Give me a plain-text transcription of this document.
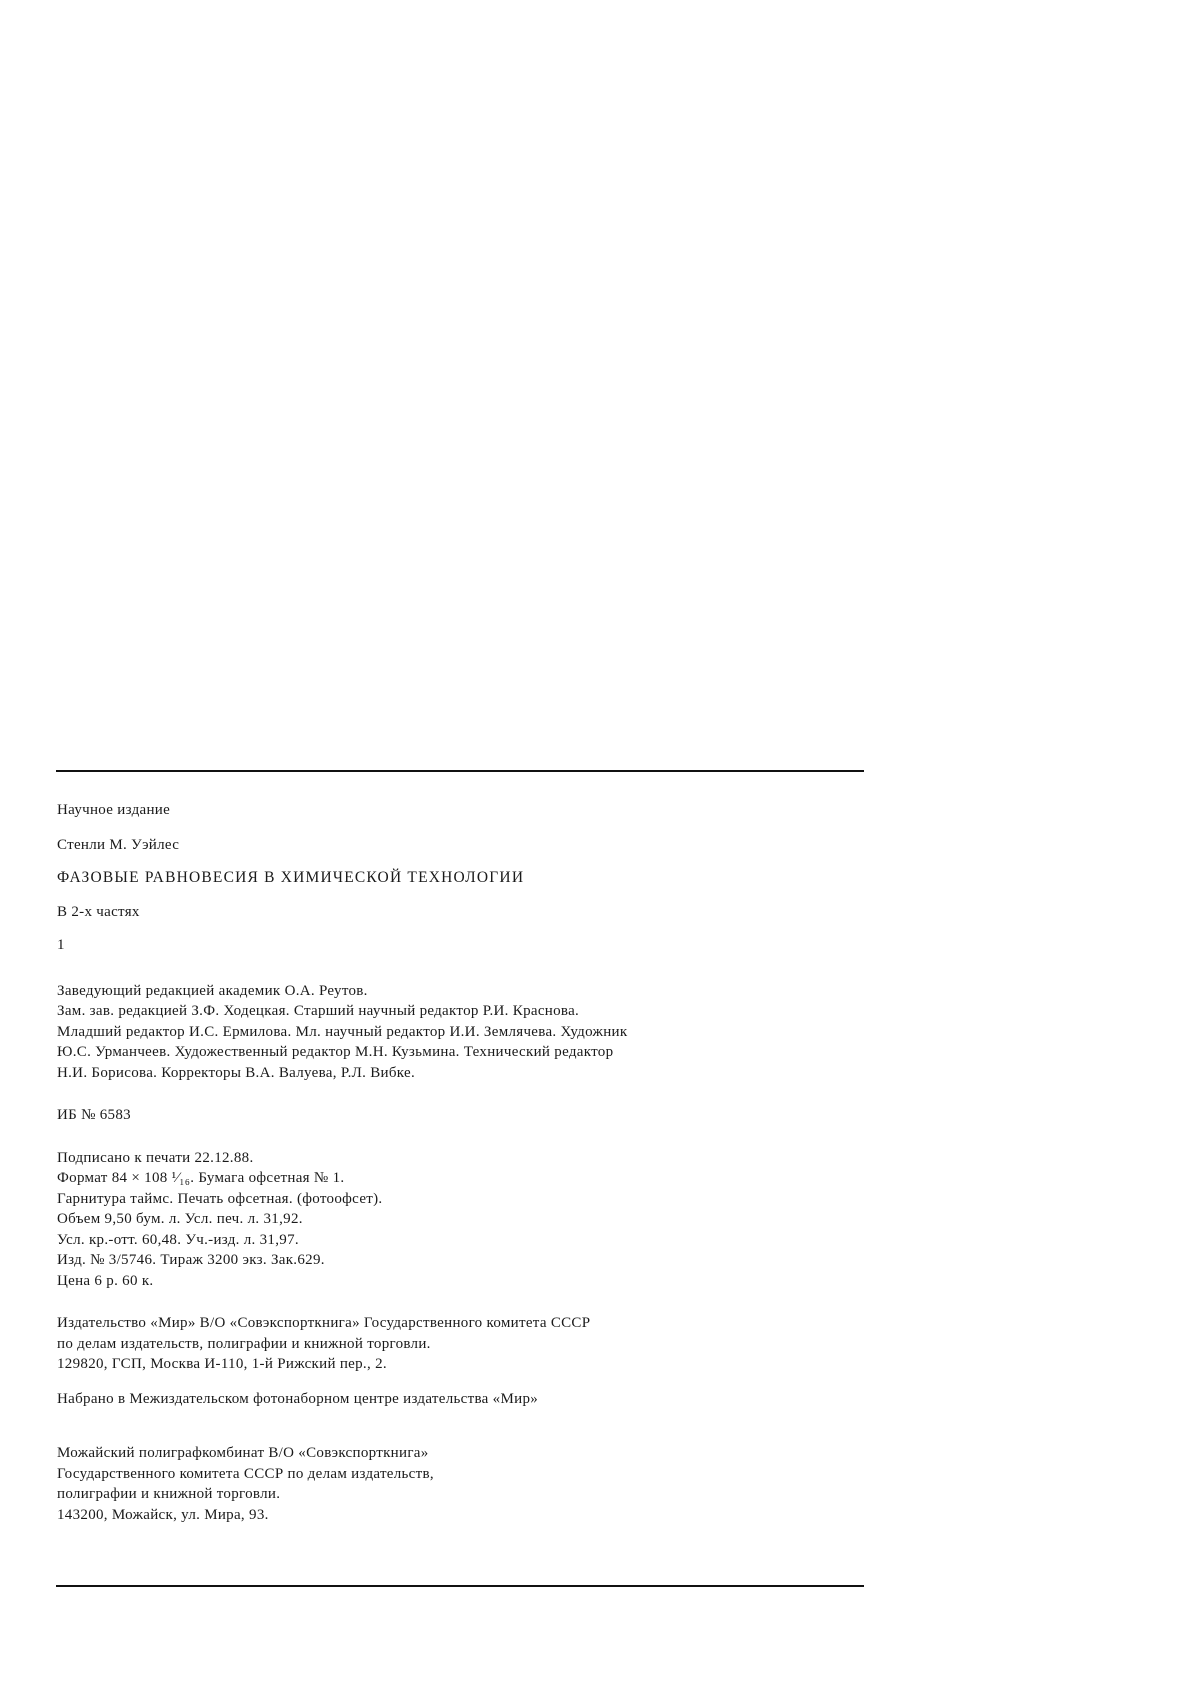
Научное издание

Стенли М. Уэйлес

ФАЗОВЫЕ РАВНОВЕСИЯ В ХИМИЧЕСКОЙ ТЕХНОЛОГИИ

В 2-х частях

1

Заведующий редакцией академик О.А. Реутов.
Зам. зав. редакцией З.Ф. Ходецкая. Старший научный редактор Р.И. Краснова.
Младший редактор И.С. Ермилова. Мл. научный редактор И.И. Землячева. Художник
Ю.С. Урманчеев. Художественный редактор М.Н. Кузьмина. Технический редактор
Н.И. Борисова. Корректоры В.А. Валуева, Р.Л. Вибке.

ИБ № 6583

Подписано к печати 22.12.88.
Формат 84 × 108 ¹⁄₁₆. Бумага офсетная № 1.
Гарнитура таймс. Печать офсетная. (фотоофсет).
Объем 9,50 бум. л. Усл. печ. л. 31,92.
Усл. кр.-отт. 60,48. Уч.-изд. л. 31,97.
Изд. № 3/5746. Тираж 3200 экз. Зак.629.
Цена 6 р. 60 к.

Издательство «Мир» В/О «Совэкспорткнига» Государственного комитета СССР
по делам издательств, полиграфии и книжной торговли.
129820, ГСП, Москва И-110, 1-й Рижский пер., 2.

Набрано в Межиздательском фотонаборном центре издательства «Мир»

Можайский полиграфкомбинат В/О «Совэкспорткнига»
Государственного комитета СССР по делам издательств,
полиграфии и книжной торговли.
143200, Можайск, ул. Мира, 93.
